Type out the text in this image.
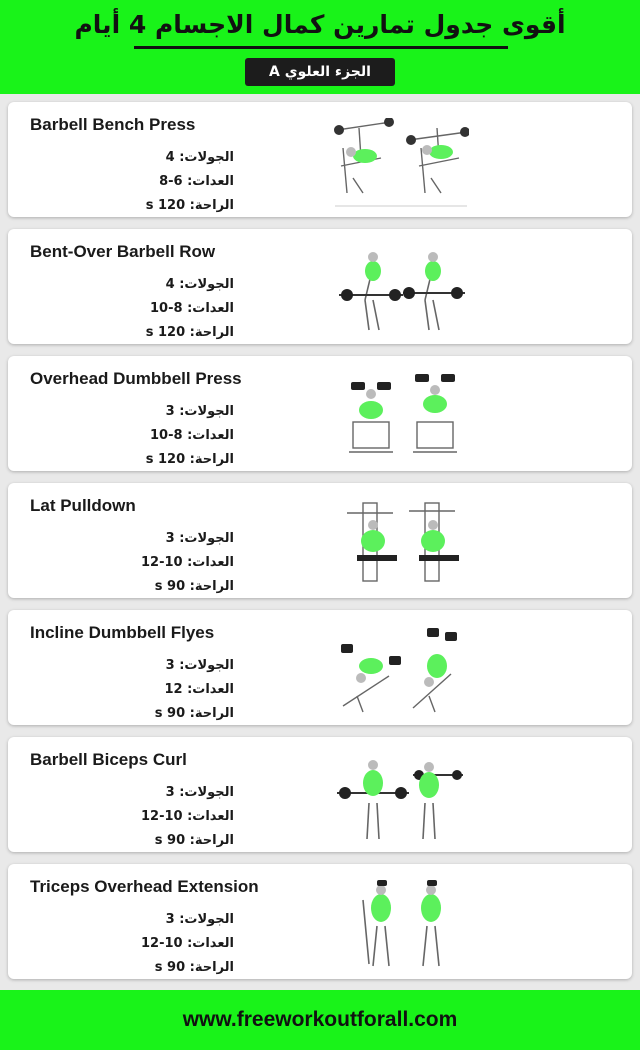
أقوى جدول تمارين كمال الاجسام 4 أيام
الجزء العلوي A
Barbell Bench Press
الجولات: 4
العدات: 6-8
الراحة: 120 s
Bent-Over Barbell Row
الجولات: 4
العدات: 8-10
الراحة: 120 s
Overhead Dumbbell Press
الجولات: 3
العدات: 8-10
الراحة: 120 s
Lat Pulldown
الجولات: 3
العدات: 10-12
الراحة: 90 s
Incline Dumbbell Flyes
الجولات: 3
العدات: 12
الراحة: 90 s
Barbell Biceps Curl
الجولات: 3
العدات: 10-12
الراحة: 90 s
Triceps Overhead Extension
الجولات: 3
العدات: 10-12
الراحة: 90 s
www.freeworkoutforall.com
